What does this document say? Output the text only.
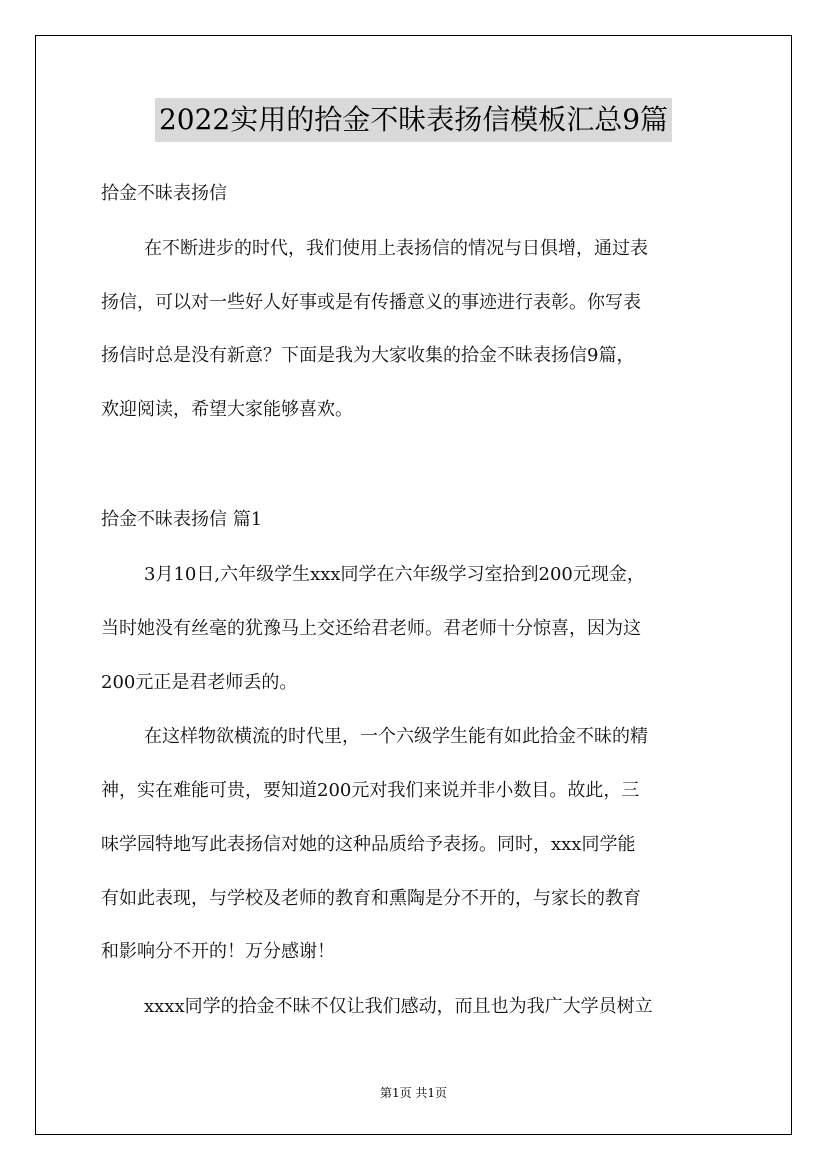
2022实用的拾金不昧表扬信模板汇总9篇
拾金不昧表扬信
在不断进步的时代，我们使用上表扬信的情况与日俱增，通过表
扬信，可以对一些好人好事或是有传播意义的事迹进行表彰。你写表
扬信时总是没有新意？下面是我为大家收集的拾金不昧表扬信9篇，
欢迎阅读，希望大家能够喜欢。
拾金不昧表扬信 篇1
3月10日,六年级学生xxx同学在六年级学习室拾到200元现金，
当时她没有丝毫的犹豫马上交还给君老师。君老师十分惊喜，因为这
200元正是君老师丢的。
在这样物欲横流的时代里，一个六级学生能有如此拾金不昧的精
神，实在难能可贵，要知道200元对我们来说并非小数目。故此，三
味学园特地写此表扬信对她的这种品质给予表扬。同时，xxx同学能
有如此表现，与学校及老师的教育和熏陶是分不开的，与家长的教育
和影响分不开的！万分感谢！
xxxx同学的拾金不昧不仅让我们感动，而且也为我广大学员树立
第1页 共1页
